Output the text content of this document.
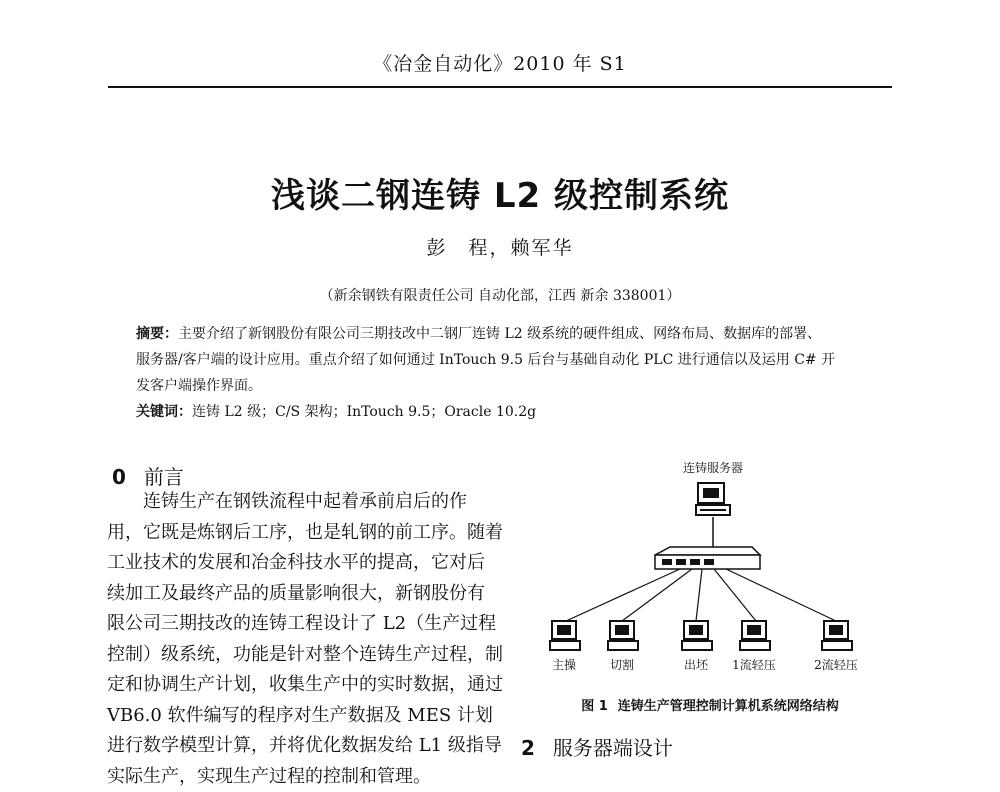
《冶金自动化》2010 年 S1
浅谈二钢连铸 L2 级控制系统
彭　程，赖军华
（新余钢铁有限责任公司 自动化部，江西 新余 338001）
摘要：主要介绍了新钢股份有限公司三期技改中二钢厂连铸 L2 级系统的硬件组成、网络布局、数据库的部署、
服务器/客户端的设计应用。重点介绍了如何通过 InTouch 9.5 后台与基础自动化 PLC 进行通信以及运用 C# 开
发客户端操作界面。
关键词：连铸 L2 级；C/S 架构；InTouch 9.5；Oracle 10.2g
0 前言
　　连铸生产在钢铁流程中起着承前启后的作
用，它既是炼钢后工序，也是轧钢的前工序。随着
工业技术的发展和冶金科技水平的提高，它对后
续加工及最终产品的质量影响很大，新钢股份有
限公司三期技改的连铸工程设计了 L2（生产过程
控制）级系统，功能是针对整个连铸生产过程，制
定和协调生产计划，收集生产中的实时数据，通过
VB6.0 软件编写的程序对生产数据及 MES 计划
进行数学模型计算，并将优化数据发给 L1 级指导
实际生产，实现生产过程的控制和管理。
连铸服务器
主操	切割	出坯	1流轻压	2流轻压
图 1 连铸生产管理控制计算机系统网络结构
2 服务器端设计
